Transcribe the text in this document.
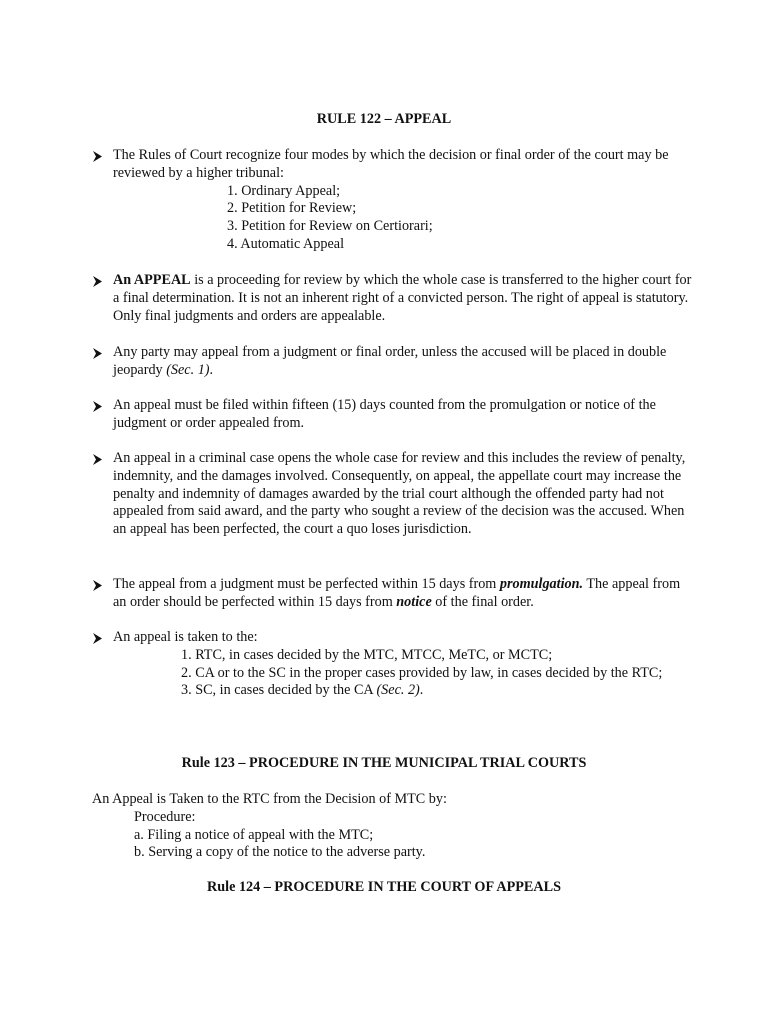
RULE 122 – APPEAL
The Rules of Court recognize four modes by which the decision or final order of the court may be reviewed by a higher tribunal:
1. Ordinary Appeal;
2. Petition for Review;
3. Petition for Review on Certiorari;
4. Automatic Appeal
An APPEAL is a proceeding for review by which the whole case is transferred to the higher court for a final determination. It is not an inherent right of a convicted person. The right of appeal is statutory. Only final judgments and orders are appealable.
Any party may appeal from a judgment or final order, unless the accused will be placed in double jeopardy (Sec. 1).
An appeal must be filed within fifteen (15) days counted from the promulgation or notice of the judgment or order appealed from.
An appeal in a criminal case opens the whole case for review and this includes the review of penalty, indemnity, and the damages involved. Consequently, on appeal, the appellate court may increase the penalty and indemnity of damages awarded by the trial court although the offended party had not appealed from said award, and the party who sought a review of the decision was the accused. When an appeal has been perfected, the court a quo loses jurisdiction.
The appeal from a judgment must be perfected within 15 days from promulgation. The appeal from an order should be perfected within 15 days from notice of the final order.
An appeal is taken to the:
1. RTC, in cases decided by the MTC, MTCC, MeTC, or MCTC;
2. CA or to the SC in the proper cases provided by law, in cases decided by the RTC;
3. SC, in cases decided by the CA (Sec. 2).
Rule 123 – PROCEDURE IN THE MUNICIPAL TRIAL COURTS
An Appeal is Taken to the RTC from the Decision of MTC by:
Procedure:
a. Filing a notice of appeal with the MTC;
b. Serving a copy of the notice to the adverse party.
Rule 124 – PROCEDURE IN THE COURT OF APPEALS
